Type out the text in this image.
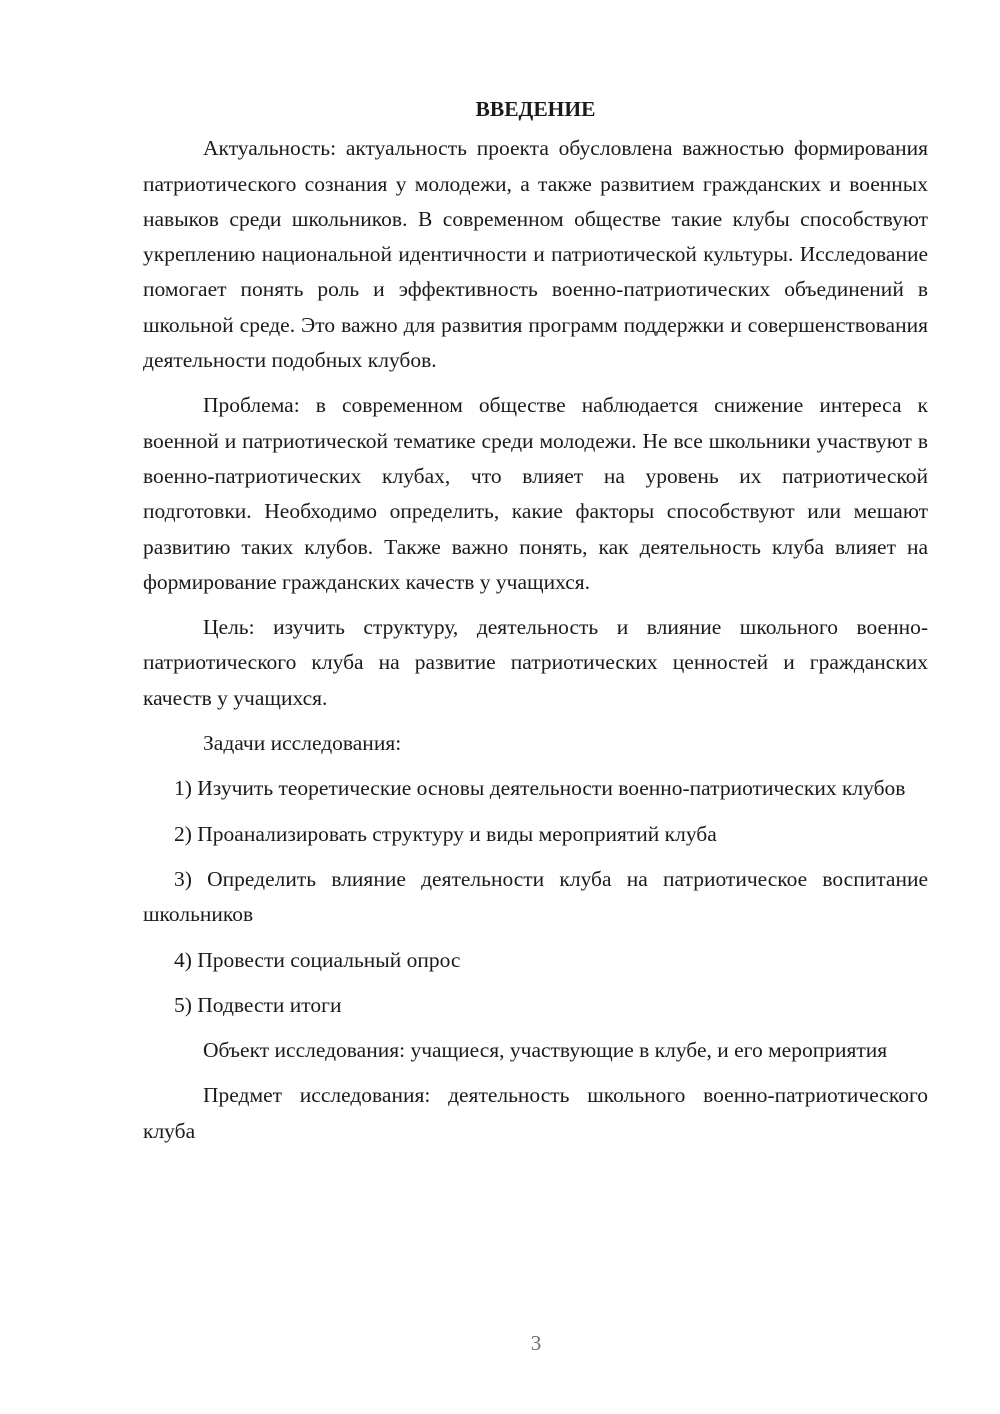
ВВЕДЕНИЕ

Актуальность: актуальность проекта обусловлена важностью формирования патриотического сознания у молодежи, а также развитием гражданских и военных навыков среди школьников. В современном обществе такие клубы способствуют укреплению национальной идентичности и патриотической культуры. Исследование помогает понять роль и эффективность военно-патриотических объединений в школьной среде. Это важно для развития программ поддержки и совершенствования деятельности подобных клубов.

Проблема: в современном обществе наблюдается снижение интереса к военной и патриотической тематике среди молодежи. Не все школьники участвуют в военно-патриотических клубах, что влияет на уровень их патриотической подготовки. Необходимо определить, какие факторы способствуют или мешают развитию таких клубов. Также важно понять, как деятельность клуба влияет на формирование гражданских качеств у учащихся.

Цель: изучить структуру, деятельность и влияние школьного военно-патриотического клуба на развитие патриотических ценностей и гражданских качеств у учащихся.

Задачи исследования:

1) Изучить теоретические основы деятельности военно-патриотических клубов

2) Проанализировать структуру и виды мероприятий клуба

3) Определить влияние деятельности клуба на патриотическое воспитание школьников

4) Провести социальный опрос

5) Подвести итоги

Объект исследования: учащиеся, участвующие в клубе, и его мероприятия

Предмет исследования: деятельность школьного военно-патриотического клуба

3
